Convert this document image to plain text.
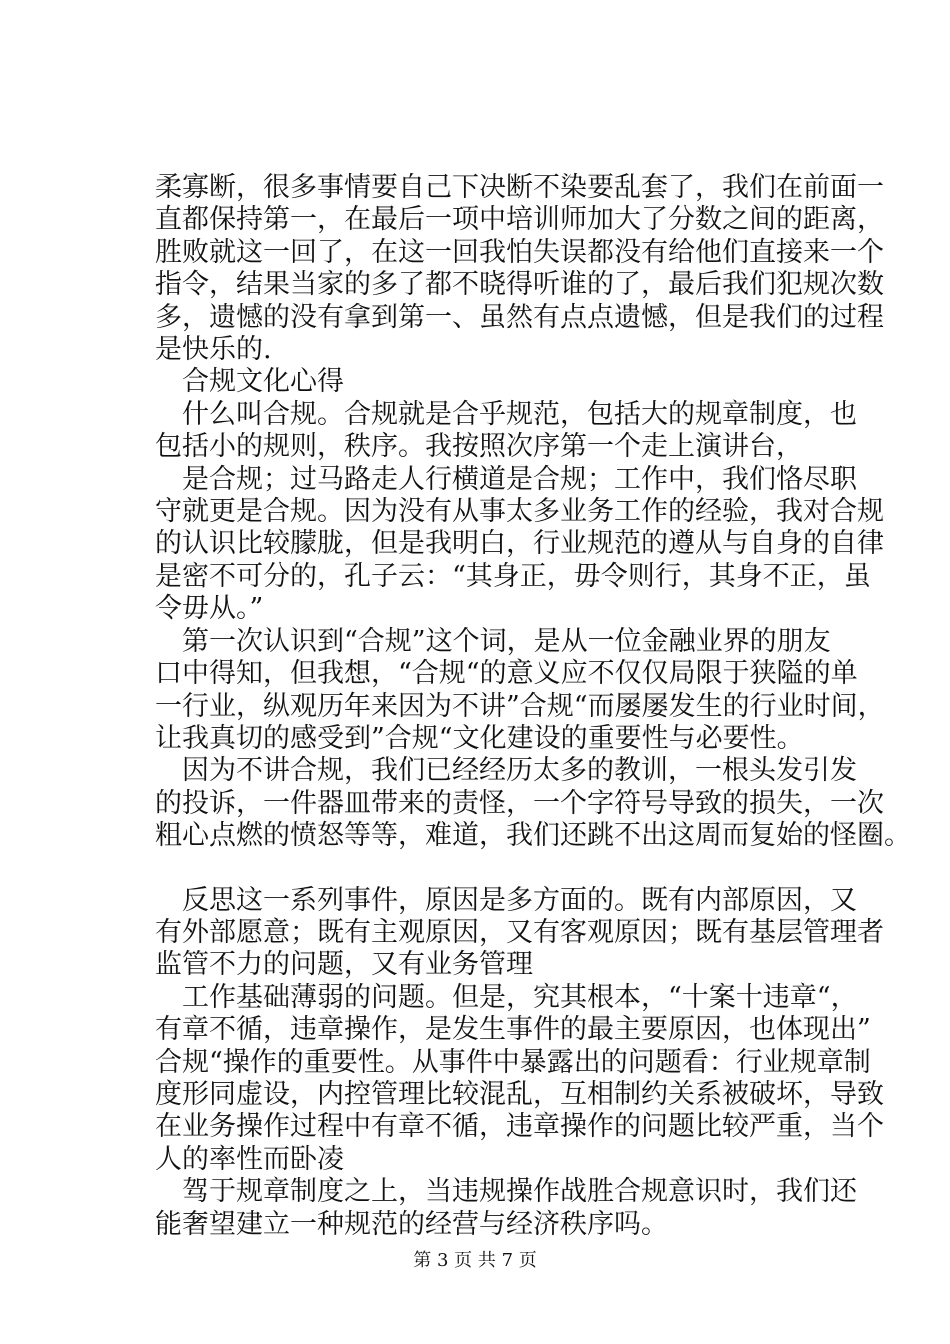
柔寡断，很多事情要自己下决断不染要乱套了，我们在前面一
直都保持第一，在最后一项中培训师加大了分数之间的距离，
胜败就这一回了，在这一回我怕失误都没有给他们直接来一个
指令，结果当家的多了都不晓得听谁的了，最后我们犯规次数
多，遗憾的没有拿到第一、虽然有点点遗憾，但是我们的过程
是快乐的.
合规文化心得
什么叫合规。合规就是合乎规范，包括大的规章制度，也
包括小的规则，秩序。我按照次序第一个走上演讲台，
是合规；过马路走人行横道是合规；工作中，我们恪尽职
守就更是合规。因为没有从事太多业务工作的经验，我对合规
的认识比较朦胧，但是我明白，行业规范的遵从与自身的自律
是密不可分的，孔子云：“其身正，毋令则行，其身不正，虽
令毋从。”
第一次认识到“合规”这个词，是从一位金融业界的朋友
口中得知，但我想，“合规“的意义应不仅仅局限于狭隘的单
一行业，纵观历年来因为不讲”合规“而屡屡发生的行业时间，
让我真切的感受到”合规“文化建设的重要性与必要性。
因为不讲合规，我们已经经历太多的教训，一根头发引发
的投诉，一件器皿带来的责怪，一个字符号导致的损失，一次
粗心点燃的愤怒等等，难道，我们还跳不出这周而复始的怪圈。
反思这一系列事件，原因是多方面的。既有内部原因，又
有外部愿意；既有主观原因，又有客观原因；既有基层管理者
监管不力的问题，又有业务管理
工作基础薄弱的问题。但是，究其根本，“十案十违章“，
有章不循，违章操作，是发生事件的最主要原因，也体现出”
合规“操作的重要性。从事件中暴露出的问题看：行业规章制
度形同虚设，内控管理比较混乱，互相制约关系被破坏，导致
在业务操作过程中有章不循，违章操作的问题比较严重，当个
人的率性而卧凌
驾于规章制度之上，当违规操作战胜合规意识时，我们还
能奢望建立一种规范的经营与经济秩序吗。
第 3 页 共 7 页
